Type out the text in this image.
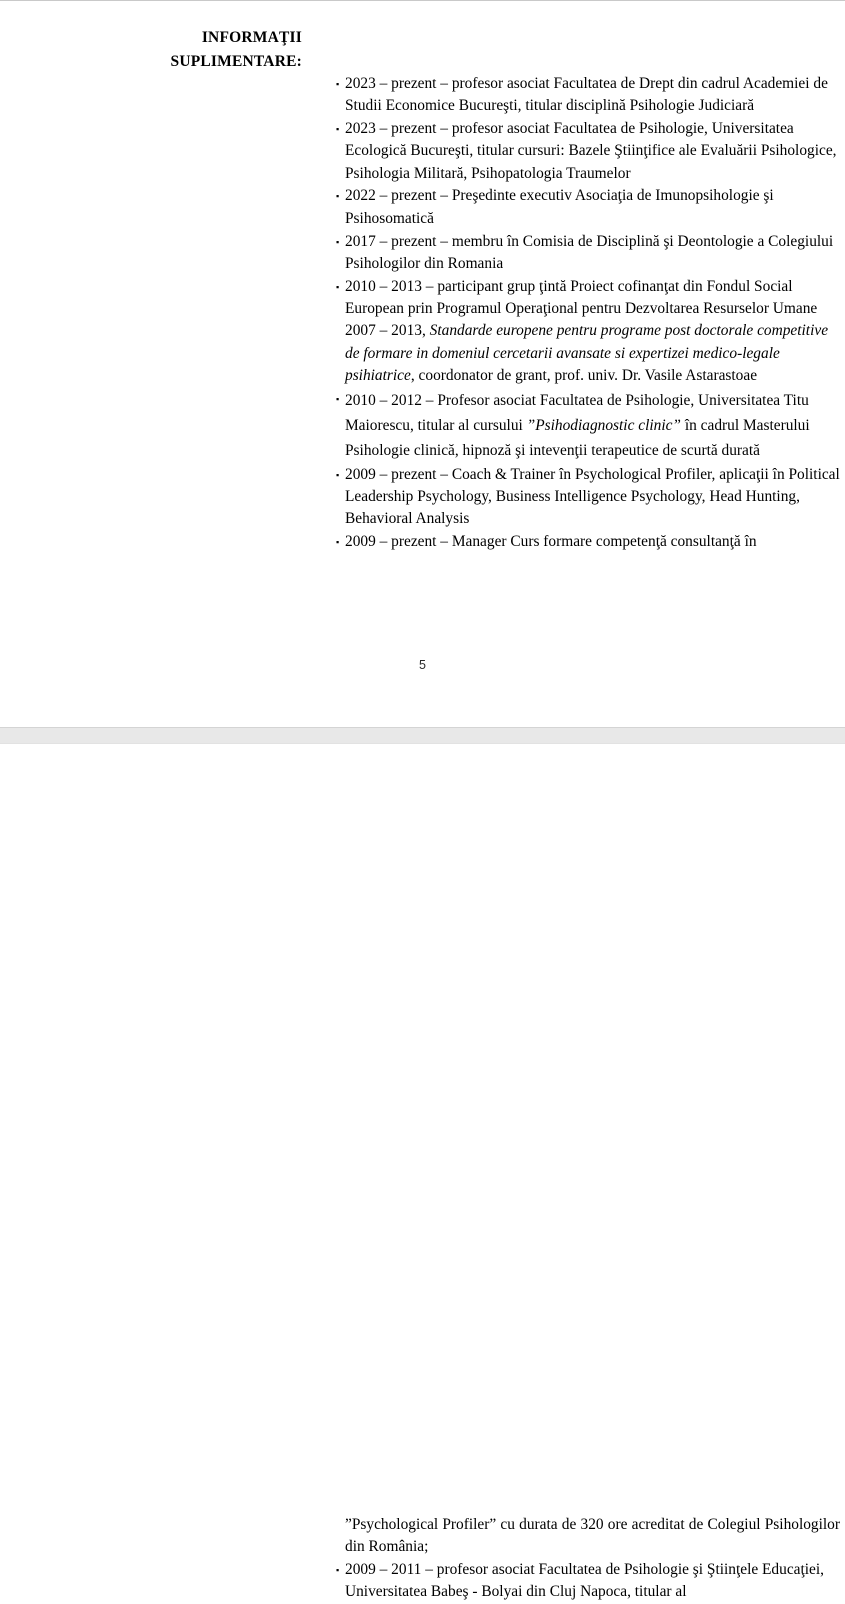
INFORMAŢII
SUPLIMENTARE:

▪ 2023 – prezent – profesor asociat Facultatea de Drept din cadrul Academiei de Studii Economice Bucureşti, titular disciplină Psihologie Judiciară

▪ 2023 – prezent – profesor asociat Facultatea de Psihologie, Universitatea Ecologică Bucureşti, titular cursuri: Bazele Ştiinţifice ale Evaluării Psihologice, Psihologia Militară, Psihopatologia Traumelor

▪ 2022 – prezent – Preşedinte executiv Asociaţia de Imunopsihologie şi Psihosomatică

▪ 2017 – prezent – membru în Comisia de Disciplină şi Deontologie a Colegiului Psihologilor din Romania

▪ 2010 – 2013 – participant grup ţintă Proiect cofinanţat din Fondul Social European prin Programul Operaţional pentru Dezvoltarea Resurselor Umane 2007 – 2013, Standarde europene pentru programe post doctorale competitive de formare in domeniul cercetarii avansate si expertizei medico-legale psihiatrice, coordonator de grant, prof. univ. Dr. Vasile Astarastoae

▪ 2010 – 2012 – Profesor asociat Facultatea de Psihologie, Universitatea Titu Maiorescu, titular al cursului ”Psihodiagnostic clinic” în cadrul Masterului Psihologie clinică, hipnoză şi intevenţii terapeutice de scurtă durată

▪ 2009 – prezent – Coach & Trainer în Psychological Profiler, aplicaţii în Political Leadership Psychology, Business Intelligence Psychology, Head Hunting, Behavioral Analysis

▪ 2009 – prezent – Manager Curs formare competenţă consultanţă în

5

”Psychological Profiler” cu durata de 320 ore acreditat de Colegiul Psihologilor din România;

▪ 2009 – 2011 – profesor asociat Facultatea de Psihologie şi Ştiinţele Educaţiei, Universitatea Babeş - Bolyai din Cluj Napoca, titular al
